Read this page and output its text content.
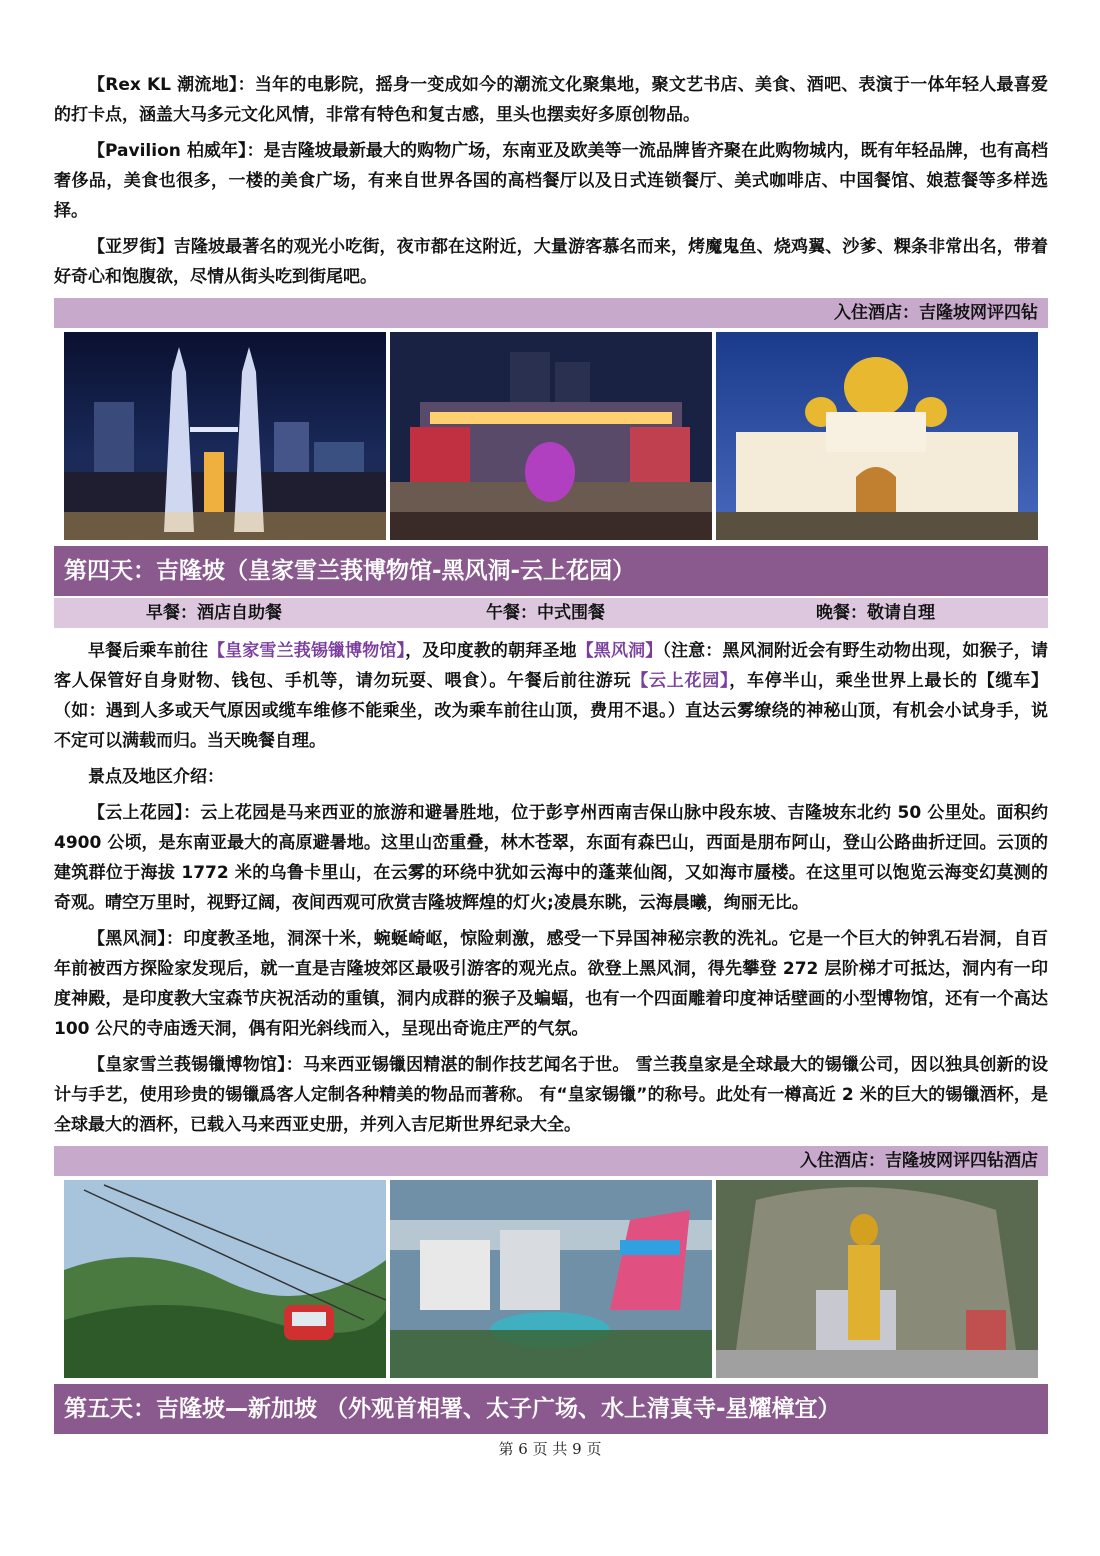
【Rex KL 潮流地】：当年的电影院，摇身一变成如今的潮流文化聚集地，聚文艺书店、美食、酒吧、表演于一体年轻人最喜爱的打卡点，涵盖大马多元文化风情，非常有特色和复古感，里头也摆卖好多原创物品。

【Pavilion 柏威年】：是吉隆坡最新最大的购物广场，东南亚及欧美等一流品牌皆齐聚在此购物城内，既有年轻品牌，也有高档奢侈品，美食也很多，一楼的美食广场，有来自世界各国的高档餐厅以及日式连锁餐厅、美式咖啡店、中国餐馆、娘惹餐等多样选择。

【亚罗街】吉隆坡最著名的观光小吃街，夜市都在这附近，大量游客慕名而来，烤魔鬼鱼、烧鸡翼、沙爹、粿条非常出名，带着好奇心和饱腹欲，尽情从街头吃到街尾吧。

入住酒店：吉隆坡网评四钻
第四天：吉隆坡（皇家雪兰莪博物馆-黑风洞-云上花园）
早餐：酒店自助餐	午餐：中式围餐	晚餐：敬请自理

早餐后乘车前往【皇家雪兰莪锡镴博物馆】，及印度教的朝拜圣地【黑风洞】（注意：黑风洞附近会有野生动物出现，如猴子，请客人保管好自身财物、钱包、手机等，请勿玩耍、喂食）。午餐后前往游玩【云上花园】，车停半山，乘坐世界上最长的【缆车】（如：遇到人多或天气原因或缆车维修不能乘坐，改为乘车前往山顶，费用不退。）直达云雾缭绕的神秘山顶，有机会小试身手，说不定可以满载而归。当天晚餐自理。

景点及地区介绍：

【云上花园】：云上花园是马来西亚的旅游和避暑胜地，位于彭亨州西南吉保山脉中段东坡、吉隆坡东北约 50 公里处。面积约 4900 公顷，是东南亚最大的高原避暑地。这里山峦重叠，林木苍翠，东面有森巴山，西面是朋布阿山，登山公路曲折迂回。云顶的建筑群位于海拔 1772 米的乌鲁卡里山，在云雾的环绕中犹如云海中的蓬莱仙阁，又如海市蜃楼。在这里可以饱览云海变幻莫测的奇观。晴空万里时，视野辽阔，夜间西观可欣赏吉隆坡辉煌的灯火;凌晨东眺，云海晨曦，绚丽无比。

【黑风洞】：印度教圣地，洞深十米，蜿蜒崎岖，惊险刺激，感受一下异国神秘宗教的洗礼。它是一个巨大的钟乳石岩洞，自百年前被西方探险家发现后，就一直是吉隆坡郊区最吸引游客的观光点。欲登上黑风洞，得先攀登 272 层阶梯才可抵达，洞内有一印度神殿，是印度教大宝森节庆祝活动的重镇，洞内成群的猴子及蝙蝠，也有一个四面雕着印度神话壁画的小型博物馆，还有一个高达 100 公尺的寺庙透天洞，偶有阳光斜线而入，呈现出奇诡庄严的气氛。

【皇家雪兰莪锡镴博物馆】：马来西亚锡镴因精湛的制作技艺闻名于世。 雪兰莪皇家是全球最大的锡镴公司，因以独具创新的设计与手艺，使用珍贵的锡镴爲客人定制各种精美的物品而著称。 有“皇家锡镴”的称号。此处有一樽高近 2 米的巨大的锡镴酒杯，是全球最大的酒杯，已载入马来西亚史册，并列入吉尼斯世界纪录大全。

入住酒店：吉隆坡网评四钻酒店
第五天：吉隆坡—新加坡 （外观首相署、太子广场、水上清真寺-星耀樟宜）
第 6 页 共 9 页
